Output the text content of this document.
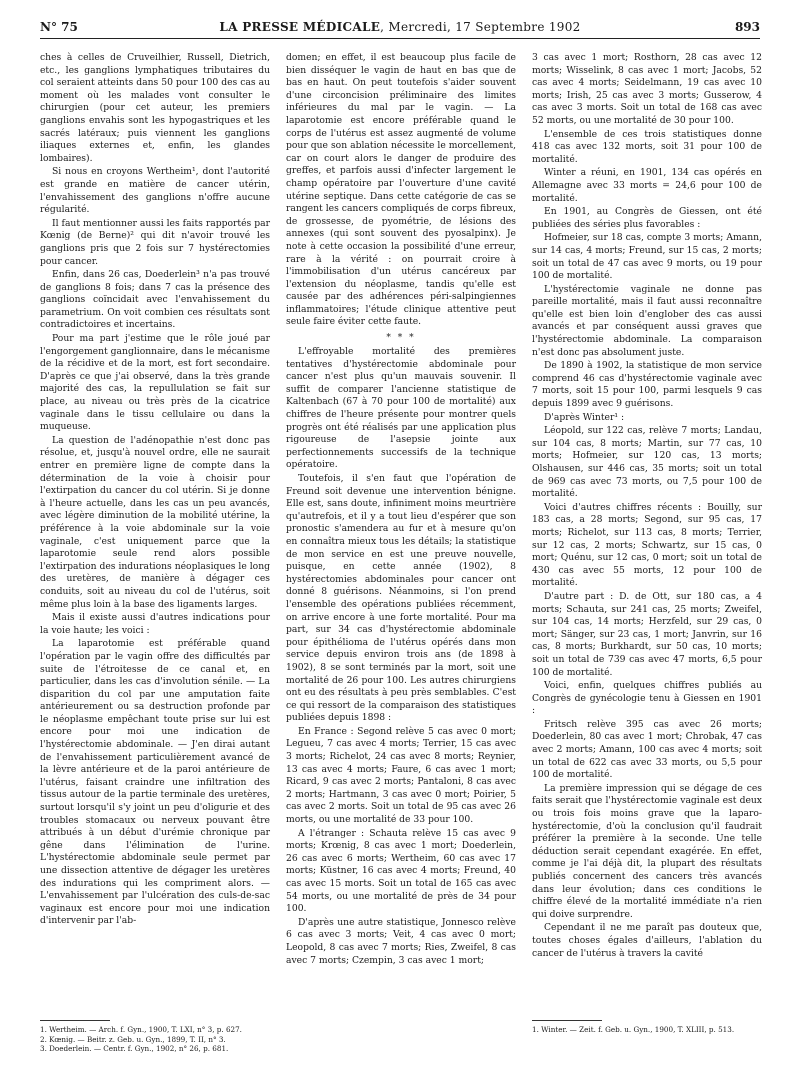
N° 75	LA PRESSE MÉDICALE, Mercredi, 17 Septembre 1902	893

ches à celles de Cruveilhier, Russell, Dietrich, etc., les ganglions lymphatiques tributaires du col seraient atteints dans 50 pour 100 des cas au moment où les malades vont consulter le chirurgien (pour cet auteur, les premiers ganglions envahis sont les hypogastriques et les sacrés latéraux; puis viennent les ganglions iliaques externes et, enfin, les glandes lombaires).

Si nous en croyons Wertheim¹, dont l'autorité est grande en matière de cancer utérin, l'envahissement des ganglions n'offre aucune régularité.

Il faut mentionner aussi les faits rapportés par Kœnig (de Berne)² qui dit n'avoir trouvé les ganglions pris que 2 fois sur 7 hystérectomies pour cancer.

Enfin, dans 26 cas, Doederlein³ n'a pas trouvé de ganglions 8 fois; dans 7 cas la présence des ganglions coïncidait avec l'envahissement du parametrium. On voit combien ces résultats sont contradictoires et incertains.

Pour ma part j'estime que le rôle joué par l'engorgement ganglionnaire, dans le mécanisme de la récidive et de la mort, est fort secondaire. D'après ce que j'ai observé, dans la très grande majorité des cas, la repullulation se fait sur place, au niveau ou très près de la cicatrice vaginale dans le tissu cellulaire ou dans la muqueuse.

La question de l'adénopathie n'est donc pas résolue, et, jusqu'à nouvel ordre, elle ne saurait entrer en première ligne de compte dans la détermination de la voie à choisir pour l'extirpation du cancer du col utérin. Si je donne à l'heure actuelle, dans les cas un peu avancés, avec légère diminution de la mobilité utérine, la préférence à la voie abdominale sur la voie vaginale, c'est uniquement parce que la laparotomie seule rend alors possible l'extirpation des indurations néoplasiques le long des uretères, de manière à dégager ces conduits, soit au niveau du col de l'utérus, soit même plus loin à la base des ligaments larges.

Mais il existe aussi d'autres indications pour la voie haute; les voici :

La laparotomie est préférable quand l'opération par le vagin offre des difficultés par suite de l'étroitesse de ce canal et, en particulier, dans les cas d'involution sénile. — La disparition du col par une amputation faite antérieurement ou sa destruction profonde par le néoplasme empêchant toute prise sur lui est encore pour moi une indication de l'hystérectomie abdominale. — J'en dirai autant de l'envahissement particulièrement avancé de la lèvre antérieure et de la paroi antérieure de l'utérus, faisant craindre une infiltration des tissus autour de la partie terminale des uretères, surtout lorsqu'il s'y joint un peu d'oligurie et des troubles stomacaux ou nerveux pouvant être attribués à un début d'urémie chronique par gêne dans l'élimination de l'urine. L'hystérectomie abdominale seule permet par une dissection attentive de dégager les uretères des indurations qui les compriment alors. — L'envahissement par l'ulcération des culs-de-sac vaginaux est encore pour moi une indication d'intervenir par l'ab-

1. Wertheim. — Arch. f. Gyn., 1900, T. LXI, n° 3, p. 627.

2. Kœnig. — Beitr. z. Geb. u. Gyn., 1899, T. II, n° 3.

3. Doederlein. — Centr. f. Gyn., 1902, n° 26, p. 681.

domen; en effet, il est beaucoup plus facile de bien disséquer le vagin de haut en bas que de bas en haut. On peut toutefois s'aider souvent d'une circoncision préliminaire des limites inférieures du mal par le vagin. — La laparotomie est encore préférable quand le corps de l'utérus est assez augmenté de volume pour que son ablation nécessite le morcellement, car on court alors le danger de produire des greffes, et parfois aussi d'infecter largement le champ opératoire par l'ouverture d'une cavité utérine septique. Dans cette catégorie de cas se rangent les cancers compliqués de corps fibreux, de grossesse, de pyométrie, de lésions des annexes (qui sont souvent des pyosalpinx). Je note à cette occasion la possibilité d'une erreur, rare à la vérité : on pourrait croire à l'immobilisation d'un utérus cancéreux par l'extension du néoplasme, tandis qu'elle est causée par des adhérences péri-salpingiennes inflammatoires; l'étude clinique attentive peut seule faire éviter cette faute.

* * *

L'effroyable mortalité des premières tentatives d'hystérectomie abdominale pour cancer n'est plus qu'un mauvais souvenir. Il suffit de comparer l'ancienne statistique de Kaltenbach (67 à 70 pour 100 de mortalité) aux chiffres de l'heure présente pour montrer quels progrès ont été réalisés par une application plus rigoureuse de l'asepsie jointe aux perfectionnements successifs de la technique opératoire.

Toutefois, il s'en faut que l'opération de Freund soit devenue une intervention bénigne. Elle est, sans doute, infiniment moins meurtrière qu'autrefois, et il y a tout lieu d'espérer que son pronostic s'amendera au fur et à mesure qu'on en connaîtra mieux tous les détails; la statistique de mon service en est une preuve nouvelle, puisque, en cette année (1902), 8 hystérectomies abdominales pour cancer ont donné 8 guérisons. Néanmoins, si l'on prend l'ensemble des opérations publiées récemment, on arrive encore à une forte mortalité. Pour ma part, sur 34 cas d'hystérectomie abdominale pour épithélioma de l'utérus opérés dans mon service depuis environ trois ans (de 1898 à 1902), 8 se sont terminés par la mort, soit une mortalité de 26 pour 100. Les autres chirurgiens ont eu des résultats à peu près semblables. C'est ce qui ressort de la comparaison des statistiques publiées depuis 1898 :

En France : Segond relève 5 cas avec 0 mort; Legueu, 7 cas avec 4 morts; Terrier, 15 cas avec 3 morts; Richelot, 24 cas avec 8 morts; Reynier, 13 cas avec 4 morts; Faure, 6 cas avec 1 mort; Ricard, 9 cas avec 2 morts; Pantaloni, 8 cas avec 2 morts; Hartmann, 3 cas avec 0 mort; Poirier, 5 cas avec 2 morts. Soit un total de 95 cas avec 26 morts, ou une mortalité de 33 pour 100.

A l'étranger : Schauta relève 15 cas avec 9 morts; Krœnig, 8 cas avec 1 mort; Doederlein, 26 cas avec 6 morts; Wertheim, 60 cas avec 17 morts; Küstner, 16 cas avec 4 morts; Freund, 40 cas avec 15 morts. Soit un total de 165 cas avec 54 morts, ou une mortalité de près de 34 pour 100.

D'après une autre statistique, Jonnesco relève 6 cas avec 3 morts; Veit, 4 cas avec 0 mort; Leopold, 8 cas avec 7 morts; Ries, Zweifel, 8 cas avec 7 morts; Czempin, 3 cas avec 1 mort;

3 cas avec 1 mort; Rosthorn, 28 cas avec 12 morts; Wisselink, 8 cas avec 1 mort; Jacobs, 52 cas avec 4 morts; Seidelmann, 19 cas avec 10 morts; Irish, 25 cas avec 3 morts; Gusserow, 4 cas avec 3 morts. Soit un total de 168 cas avec 52 morts, ou une mortalité de 30 pour 100.

L'ensemble de ces trois statistiques donne 418 cas avec 132 morts, soit 31 pour 100 de mortalité.

Winter a réuni, en 1901, 134 cas opérés en Allemagne avec 33 morts = 24,6 pour 100 de mortalité.

En 1901, au Congrès de Giessen, ont été publiées des séries plus favorables :

Hofmeier, sur 18 cas, compte 3 morts; Amann, sur 14 cas, 4 morts; Freund, sur 15 cas, 2 morts; soit un total de 47 cas avec 9 morts, ou 19 pour 100 de mortalité.

L'hystérectomie vaginale ne donne pas pareille mortalité, mais il faut aussi reconnaître qu'elle est bien loin d'englober des cas aussi avancés et par conséquent aussi graves que l'hystérectomie abdominale. La comparaison n'est donc pas absolument juste.

De 1890 à 1902, la statistique de mon service comprend 46 cas d'hystérectomie vaginale avec 7 morts, soit 15 pour 100, parmi lesquels 9 cas depuis 1899 avec 9 guérisons.

D'après Winter¹ :

Léopold, sur 122 cas, relève 7 morts; Landau, sur 104 cas, 8 morts; Martin, sur 77 cas, 10 morts; Hofmeier, sur 120 cas, 13 morts; Olshausen, sur 446 cas, 35 morts; soit un total de 969 cas avec 73 morts, ou 7,5 pour 100 de mortalité.

Voici d'autres chiffres récents : Bouilly, sur 183 cas, a 28 morts; Segond, sur 95 cas, 17 morts; Richelot, sur 113 cas, 8 morts; Terrier, sur 12 cas, 2 morts; Schwartz, sur 15 cas, 0 mort; Quénu, sur 12 cas, 0 mort; soit un total de 430 cas avec 55 morts, 12 pour 100 de mortalité.

D'autre part : D. de Ott, sur 180 cas, a 4 morts; Schauta, sur 241 cas, 25 morts; Zweifel, sur 104 cas, 14 morts; Herzfeld, sur 29 cas, 0 mort; Sänger, sur 23 cas, 1 mort; Janvrin, sur 16 cas, 8 morts; Burkhardt, sur 50 cas, 10 morts; soit un total de 739 cas avec 47 morts, 6,5 pour 100 de mortalité.

Voici, enfin, quelques chiffres publiés au Congrès de gynécologie tenu à Giessen en 1901 :

Fritsch relève 395 cas avec 26 morts; Doederlein, 80 cas avec 1 mort; Chrobak, 47 cas avec 2 morts; Amann, 100 cas avec 4 morts; soit un total de 622 cas avec 33 morts, ou 5,5 pour 100 de mortalité.

La première impression qui se dégage de ces faits serait que l'hystérectomie vaginale est deux ou trois fois moins grave que la laparo-hystérectomie, d'où la conclusion qu'il faudrait préférer la première à la seconde. Une telle déduction serait cependant exagérée. En effet, comme je l'ai déjà dit, la plupart des résultats publiés concernent des cancers très avancés dans leur évolution; dans ces conditions le chiffre élevé de la mortalité immédiate n'a rien qui doive surprendre.

Cependant il ne me paraît pas douteux que, toutes choses égales d'ailleurs, l'ablation du cancer de l'utérus à travers la cavité

1. Winter. — Zeit. f. Geb. u. Gyn., 1900, T. XLIII, p. 513.
